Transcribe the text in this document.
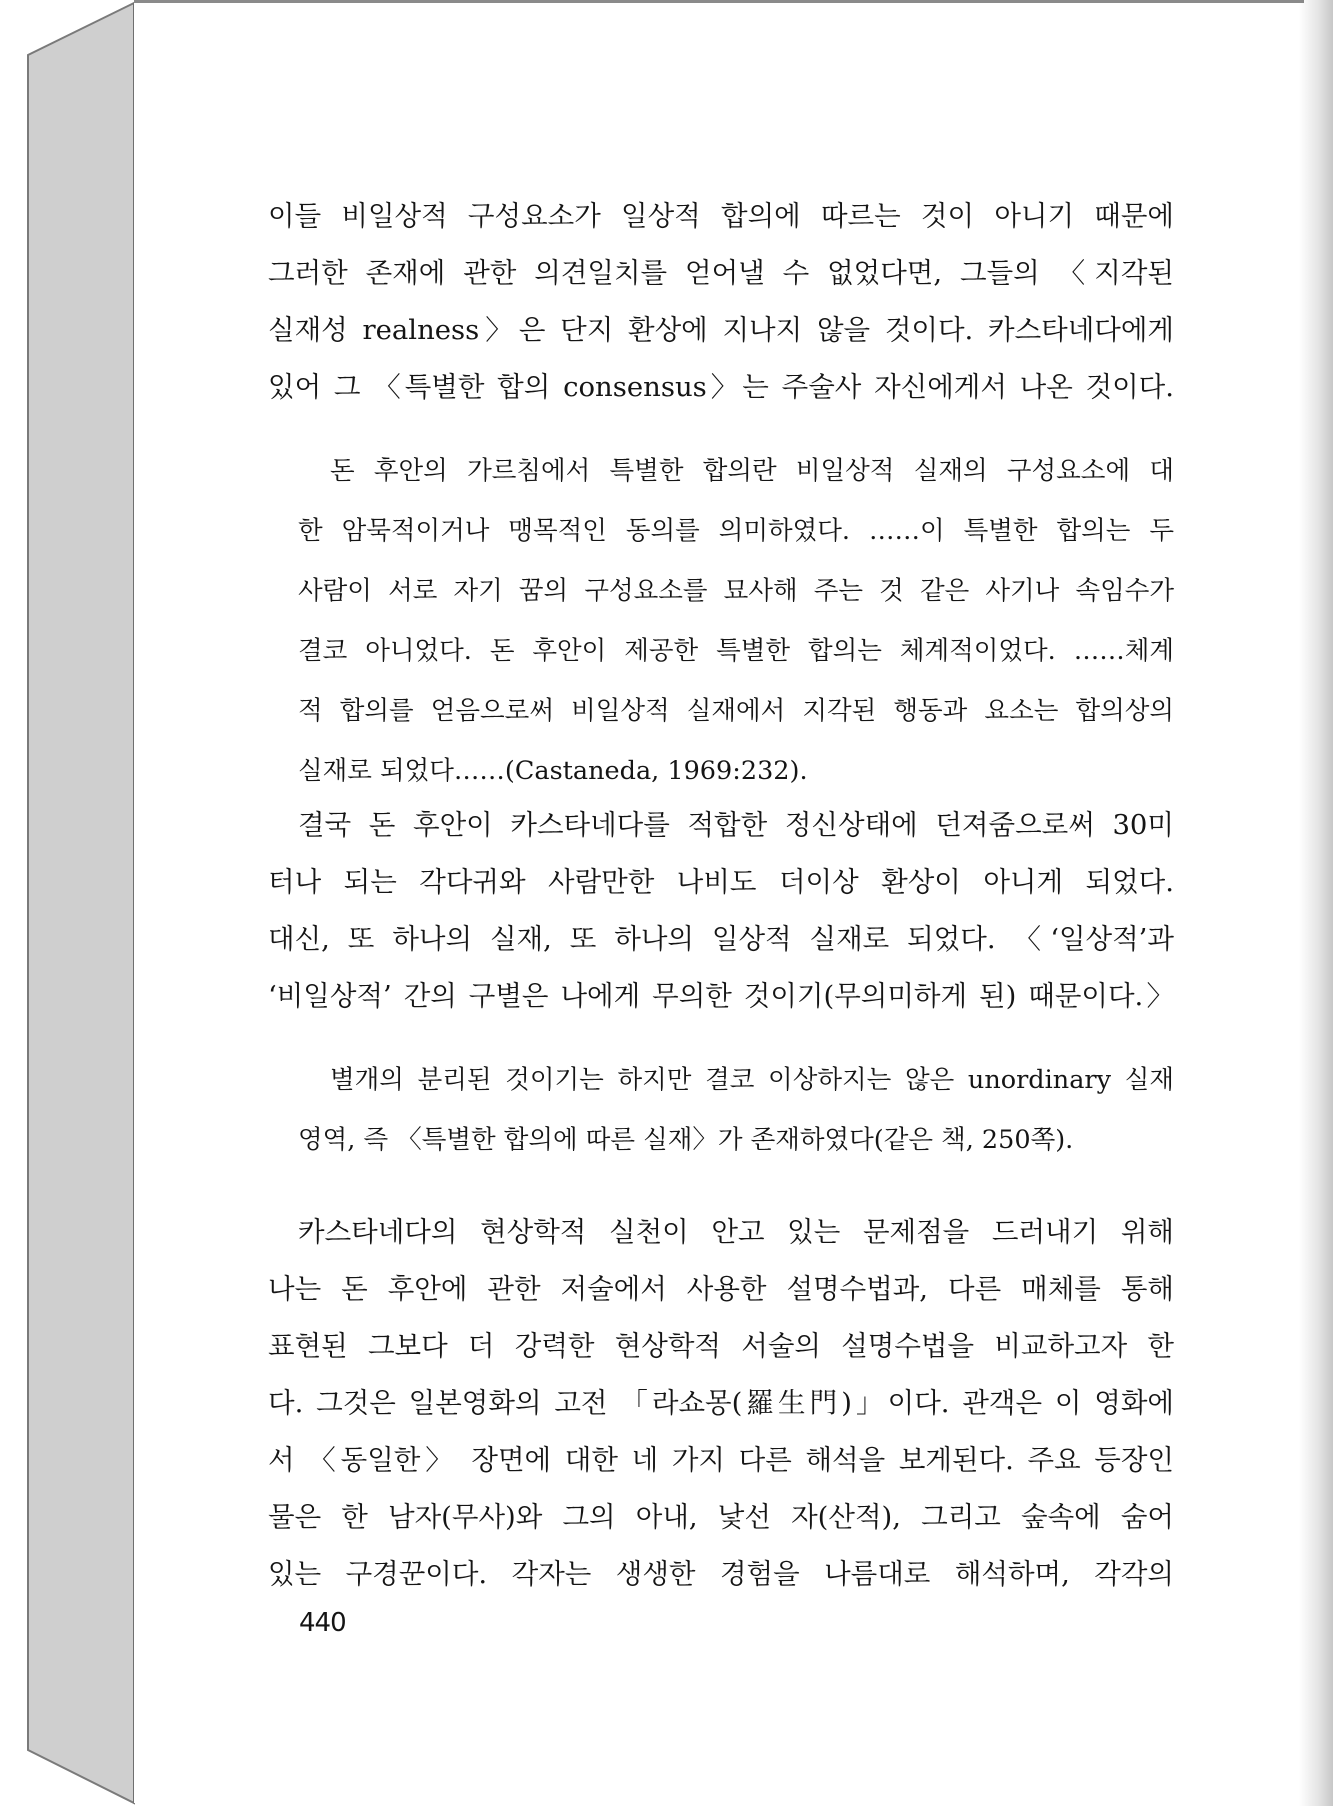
이들 비일상적 구성요소가 일상적 합의에 따르는 것이 아니기 때문에
그러한 존재에 관한 의견일치를 얻어낼 수 없었다면, 그들의 〈지각된
실재성 realness〉은 단지 환상에 지나지 않을 것이다. 카스타네다에게
있어 그 〈특별한 합의 consensus〉는 주술사 자신에게서 나온 것이다.
돈 후안의 가르침에서 특별한 합의란 비일상적 실재의 구성요소에 대
한 암묵적이거나 맹목적인 동의를 의미하였다. ……이 특별한 합의는 두
사람이 서로 자기 꿈의 구성요소를 묘사해 주는 것 같은 사기나 속임수가
결코 아니었다. 돈 후안이 제공한 특별한 합의는 체계적이었다. ……체계
적 합의를 얻음으로써 비일상적 실재에서 지각된 행동과 요소는 합의상의
실재로 되었다……(Castaneda, 1969:232).
결국 돈 후안이 카스타네다를 적합한 정신상태에 던져줌으로써 30미
터나 되는 각다귀와 사람만한 나비도 더이상 환상이 아니게 되었다.
대신, 또 하나의 실재, 또 하나의 일상적 실재로 되었다. 〈‘일상적’과
‘비일상적’ 간의 구별은 나에게 무의한 것이기(무의미하게 된) 때문이다.〉
별개의 분리된 것이기는 하지만 결코 이상하지는 않은 unordinary 실재
영역, 즉 〈특별한 합의에 따른 실재〉가 존재하였다(같은 책, 250쪽).
카스타네다의 현상학적 실천이 안고 있는 문제점을 드러내기 위해
나는 돈 후안에 관한 저술에서 사용한 설명수법과, 다른 매체를 통해
표현된 그보다 더 강력한 현상학적 서술의 설명수법을 비교하고자 한
다. 그것은 일본영화의 고전 「라쇼몽(羅生門)」이다. 관객은 이 영화에
서 〈동일한〉 장면에 대한 네 가지 다른 해석을 보게된다. 주요 등장인
물은 한 남자(무사)와 그의 아내, 낯선 자(산적), 그리고 숲속에 숨어
있는 구경꾼이다. 각자는 생생한 경험을 나름대로 해석하며, 각각의
440
